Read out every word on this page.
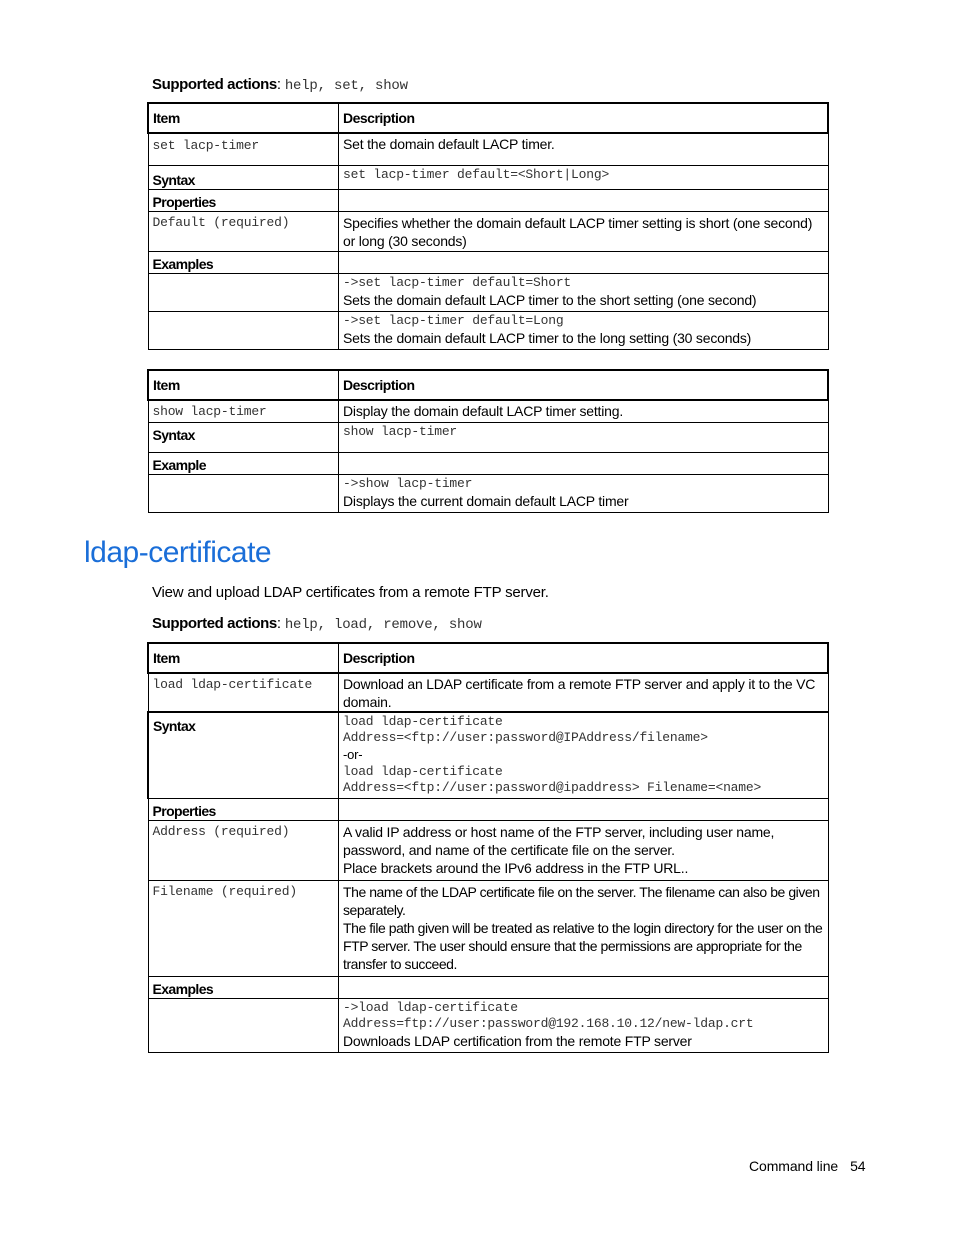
Supported actions: help, set, show
Item	Description

set lacp-timer	Set the domain default LACP timer.
Syntax	set lacp-timer default=<Short|Long>

Properties	

Default (required)	Specifies whether the domain default LACP timer setting is short (one second) or long (30 seconds)
Examples	

	->set lacp-timer default=Short
Sets the domain default LACP timer to the short setting (one second)

	->set lacp-timer default=Long
Sets the domain default LACP timer to the long setting (30 seconds)
Item	Description

show lacp-timer	Display the domain default LACP timer setting.
Syntax	show lacp-timer

Example	

	->show lacp-timer
Displays the current domain default LACP timer
ldap-certificate
View and upload LDAP certificates from a remote FTP server.
Supported actions: help, load, remove, show
Item	Description

load ldap-certificate	Download an LDAP certificate from a remote FTP server and apply it to the VC domain.
Syntax	load ldap-certificate
Address=<ftp://user:password@IPAddress/filename>
-or-
load ldap-certificate
Address=<ftp://user:password@ipaddress> Filename=<name>

Properties	

Address (required)	A valid IP address or host name of the FTP server, including user name, password, and name of the certificate file on the server.
Place brackets around the IPv6 address in the FTP URL..

Filename (required)	The name of the LDAP certificate file on the server. The filename can also be given separately.
The file path given will be treated as relative to the login directory for the user on the FTP server. The user should ensure that the permissions are appropriate for the transfer to succeed.

Examples	

	->load ldap-certificate
Address=ftp://user:password@192.168.10.12/new-ldap.crt
Downloads LDAP certification from the remote FTP server
Command line 54
